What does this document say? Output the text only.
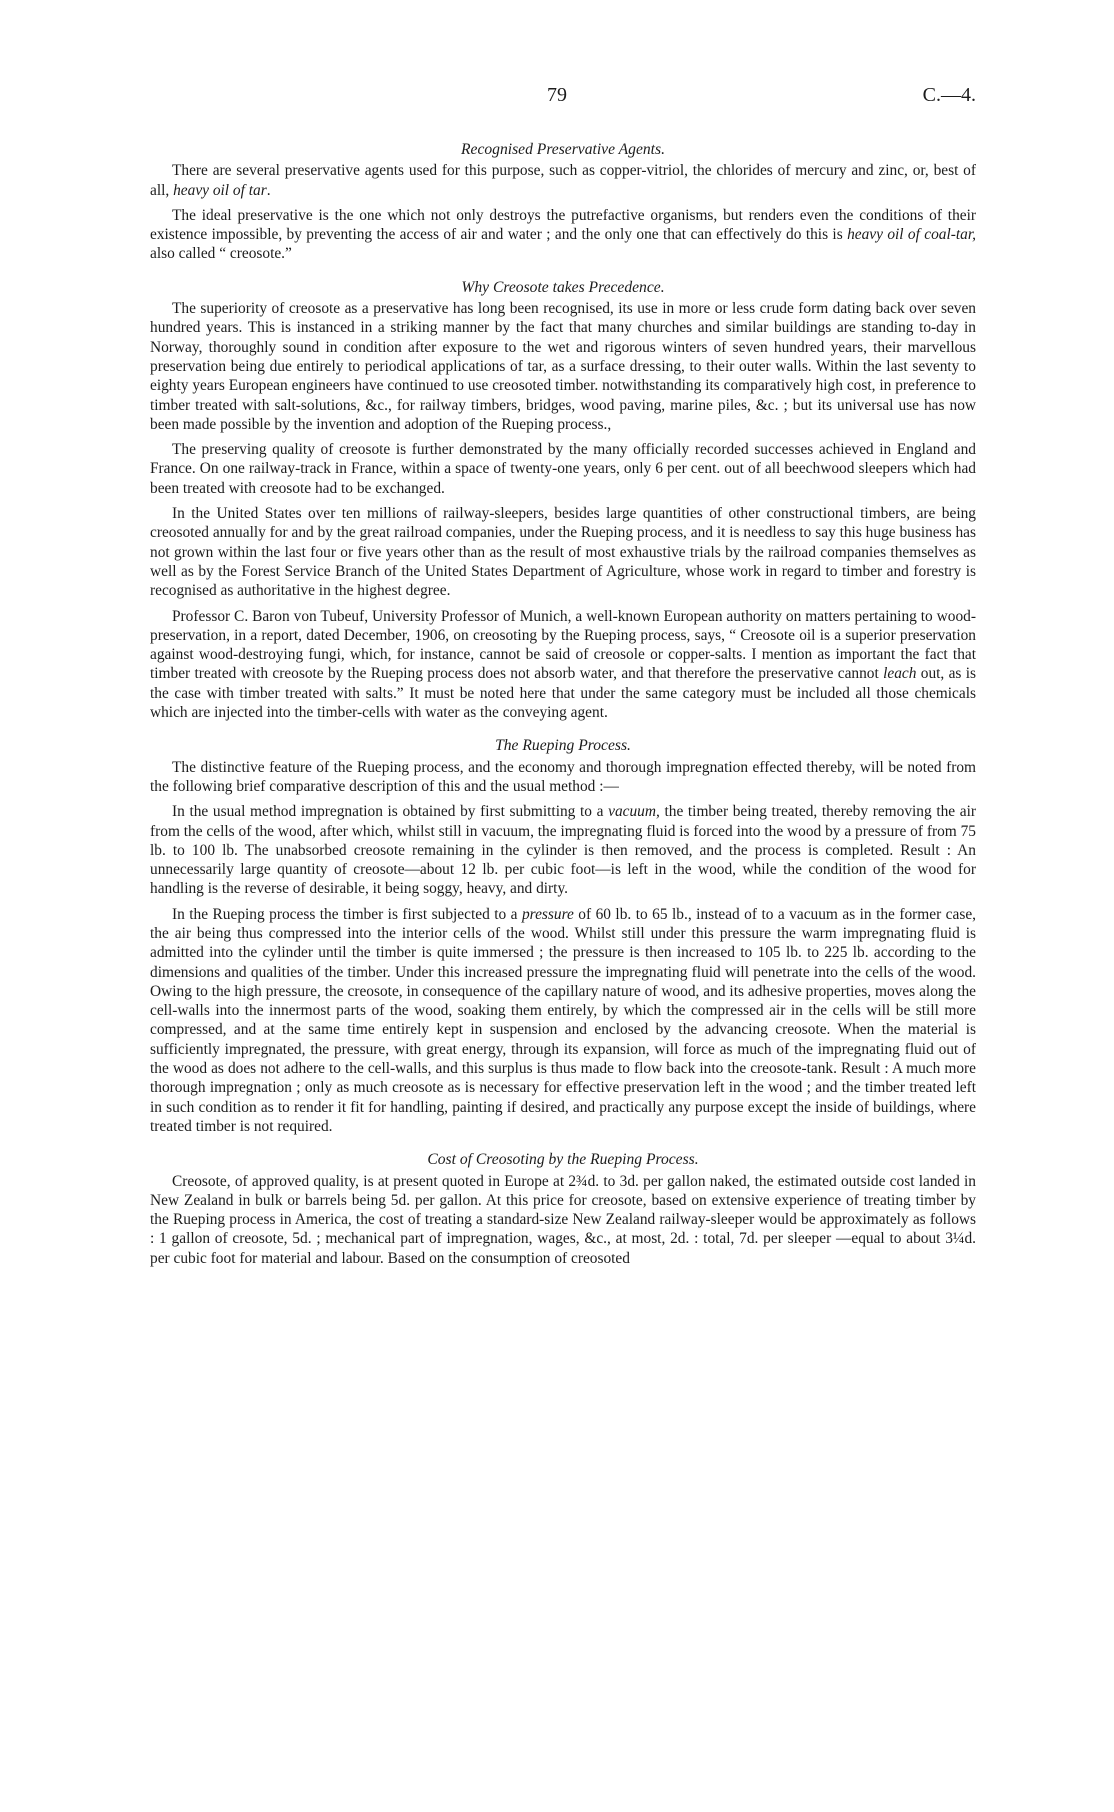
79	C.—4.
Recognised Preservative Agents.

There are several preservative agents used for this purpose, such as copper-vitriol, the chlorides of mercury and zinc, or, best of all, heavy oil of tar.

The ideal preservative is the one which not only destroys the putrefactive organisms, but renders even the conditions of their existence impossible, by preventing the access of air and water ; and the only one that can effectively do this is heavy oil of coal-tar, also called “ creosote.”

Why Creosote takes Precedence.

The superiority of creosote as a preservative has long been recognised, its use in more or less crude form dating back over seven hundred years. This is instanced in a striking manner by the fact that many churches and similar buildings are standing to-day in Norway, thoroughly sound in condition after exposure to the wet and rigorous winters of seven hundred years, their marvellous preservation being due entirely to periodical applications of tar, as a surface dressing, to their outer walls. Within the last seventy to eighty years European engineers have continued to use creosoted timber. notwithstanding its comparatively high cost, in preference to timber treated with salt-solutions, &c., for railway timbers, bridges, wood paving, marine piles, &c. ; but its universal use has now been made possible by the invention and adoption of the Rueping process.,

The preserving quality of creosote is further demonstrated by the many officially recorded successes achieved in England and France. On one railway-track in France, within a space of twenty-one years, only 6 per cent. out of all beechwood sleepers which had been treated with creosote had to be exchanged.

In the United States over ten millions of railway-sleepers, besides large quantities of other constructional timbers, are being creosoted annually for and by the great railroad companies, under the Rueping process, and it is needless to say this huge business has not grown within the last four or five years other than as the result of most exhaustive trials by the railroad companies themselves as well as by the Forest Service Branch of the United States Department of Agriculture, whose work in regard to timber and forestry is recognised as authoritative in the highest degree.

Professor C. Baron von Tubeuf, University Professor of Munich, a well-known European authority on matters pertaining to wood-preservation, in a report, dated December, 1906, on creosoting by the Rueping process, says, “ Creosote oil is a superior preservation against wood-destroying fungi, which, for instance, cannot be said of creosole or copper-salts. I mention as important the fact that timber treated with creosote by the Rueping process does not absorb water, and that therefore the preservative cannot leach out, as is the case with timber treated with salts.” It must be noted here that under the same category must be included all those chemicals which are injected into the timber-cells with water as the conveying agent.

The Rueping Process.

The distinctive feature of the Rueping process, and the economy and thorough impregnation effected thereby, will be noted from the following brief comparative description of this and the usual method :—

In the usual method impregnation is obtained by first submitting to a vacuum, the timber being treated, thereby removing the air from the cells of the wood, after which, whilst still in vacuum, the impregnating fluid is forced into the wood by a pressure of from 75 lb. to 100 lb. The unabsorbed creosote remaining in the cylinder is then removed, and the process is completed. Result : An unnecessarily large quantity of creosote—about 12 lb. per cubic foot—is left in the wood, while the condition of the wood for handling is the reverse of desirable, it being soggy, heavy, and dirty.

In the Rueping process the timber is first subjected to a pressure of 60 lb. to 65 lb., instead of to a vacuum as in the former case, the air being thus compressed into the interior cells of the wood. Whilst still under this pressure the warm impregnating fluid is admitted into the cylinder until the timber is quite immersed ; the pressure is then increased to 105 lb. to 225 lb. according to the dimensions and qualities of the timber. Under this increased pressure the impregnating fluid will penetrate into the cells of the wood. Owing to the high pressure, the creosote, in consequence of the capillary nature of wood, and its adhesive properties, moves along the cell-walls into the innermost parts of the wood, soaking them entirely, by which the compressed air in the cells will be still more compressed, and at the same time entirely kept in suspension and enclosed by the advancing creosote. When the material is sufficiently impregnated, the pressure, with great energy, through its expansion, will force as much of the impregnating fluid out of the wood as does not adhere to the cell-walls, and this surplus is thus made to flow back into the creosote-tank. Result : A much more thorough impregnation ; only as much creosote as is necessary for effective preservation left in the wood ; and the timber treated left in such condition as to render it fit for handling, painting if desired, and practically any purpose except the inside of buildings, where treated timber is not required.

Cost of Creosoting by the Rueping Process.

Creosote, of approved quality, is at present quoted in Europe at 2¾d. to 3d. per gallon naked, the estimated outside cost landed in New Zealand in bulk or barrels being 5d. per gallon. At this price for creosote, based on extensive experience of treating timber by the Rueping process in America, the cost of treating a standard-size New Zealand railway-sleeper would be approximately as follows : 1 gallon of creosote, 5d. ; mechanical part of impregnation, wages, &c., at most, 2d. : total, 7d. per sleeper —equal to about 3¼d. per cubic foot for material and labour. Based on the consumption of creosoted
